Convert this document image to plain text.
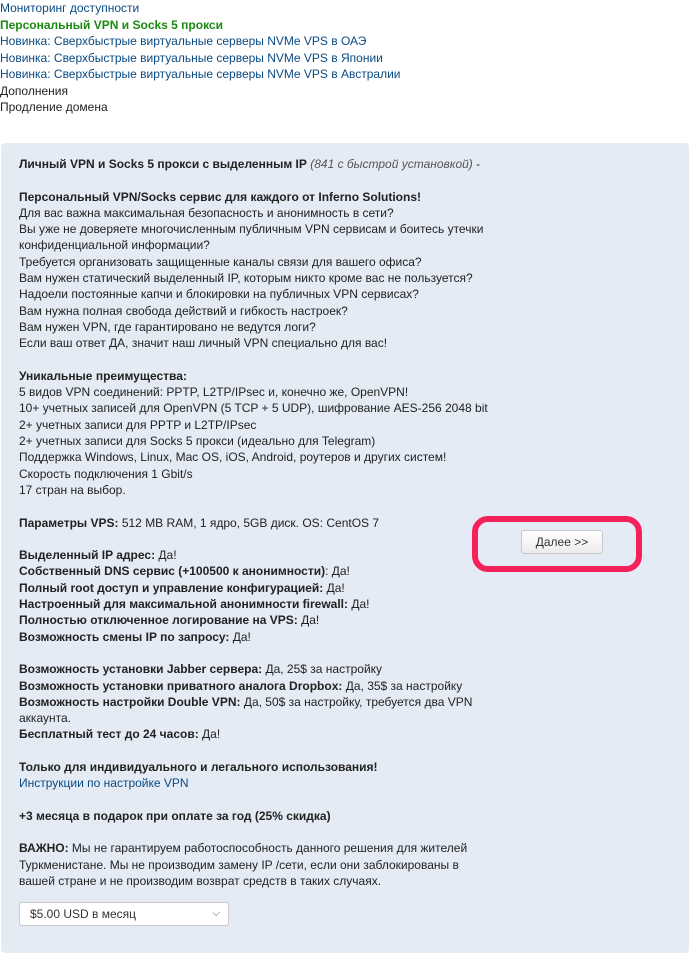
Мониторинг доступности
Персональный VPN и Socks 5 прокси
Новинка: Сверхбыстрые виртуальные серверы NVMe VPS в ОАЭ
Новинка: Сверхбыстрые виртуальные серверы NVMe VPS в Японии
Новинка: Сверхбыстрые виртуальные серверы NVMe VPS в Австралии
Дополнения
Продление домена
Личный VPN и Socks 5 прокси с выделенным IP (841 с быстрой установкой) -
Персональный VPN/Socks сервис для каждого от Inferno Solutions!
Для вас важна максимальная безопасность и анонимность в сети?
Вы уже не доверяете многочисленным публичным VPN сервисам и боитесь утечки конфиденциальной информации?
Требуется организовать защищенные каналы связи для вашего офиса?
Вам нужен статический выделенный IP, которым никто кроме вас не пользуется?
Надоели постоянные капчи и блокировки на публичных VPN сервисах?
Вам нужна полная свобода действий и гибкость настроек?
Вам нужен VPN, где гарантировано не ведутся логи?
Если ваш ответ ДА, значит наш личный VPN специально для вас!
Уникальные преимущества:
5 видов VPN соединений: PPTP, L2TP/IPsec и, конечно же, OpenVPN!
10+ учетных записей для OpenVPN (5 TCP + 5 UDP), шифрование AES-256 2048 bit
2+ учетных записи для PPTP и L2TP/IPsec
2+ учетных записи для Socks 5 прокси (идеально для Telegram)
Поддержка Windows, Linux, Mac OS, iOS, Android, роутеров и других систем!
Скорость подключения 1 Gbit/s
17 стран на выбор.
Параметры VPS: 512 MB RAM, 1 ядро, 5GB диск. OS: CentOS 7
Выделенный IP адрес: Да!
Собственный DNS сервис (+100500 к анонимности): Да!
Полный root доступ и управление конфигурацией: Да!
Настроенный для максимальной анонимности firewall: Да!
Полностью отключенное логирование на VPS: Да!
Возможность смены IP по запросу: Да!
Возможность установки Jabber сервера: Да, 25$ за настройку
Возможность установки приватного аналога Dropbox: Да, 35$ за настройку
Возможность настройки Double VPN: Да, 50$ за настройку, требуется два VPN аккаунта.
Бесплатный тест до 24 часов: Да!
Только для индивидуального и легального использования!
Инструкции по настройке VPN
+3 месяца в подарок при оплате за год (25% скидка)
ВАЖНО: Мы не гарантируем работоспособность данного решения для жителей Туркменистане. Мы не производим замену IP /сети, если они заблокированы в вашей стране и не производим возврат средств в таких случаях.
$5.00 USD в месяц	⌵
Далее >>
